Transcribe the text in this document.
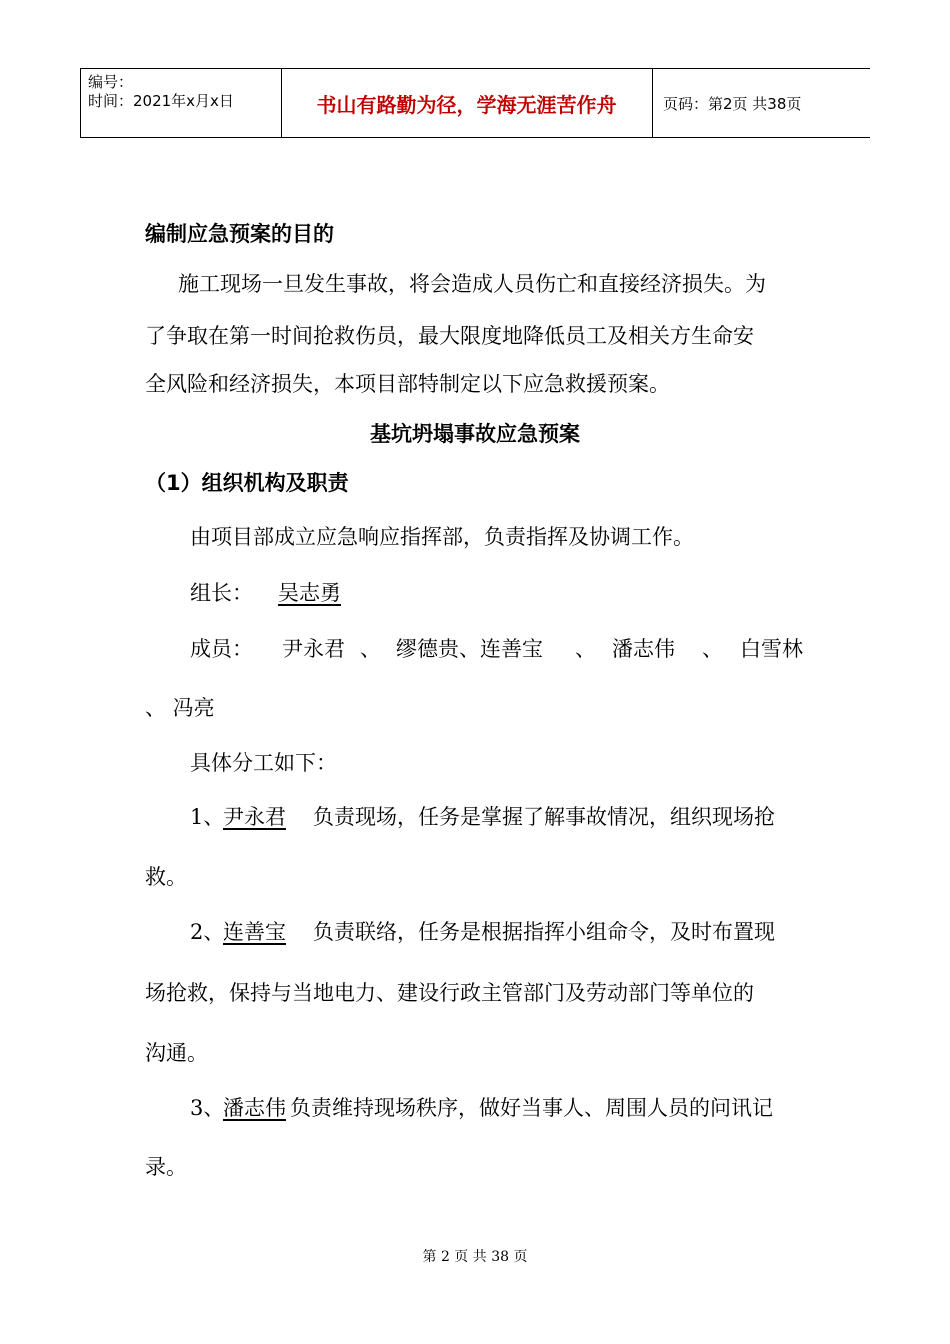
编号：
时间：2021年x月x日	书山有路勤为径，学海无涯苦作舟	页码：第2页 共38页
编制应急预案的目的
施工现场一旦发生事故，将会造成人员伤亡和直接经济损失。为
了争取在第一时间抢救伤员，最大限度地降低员工及相关方生命安
全风险和经济损失，本项目部特制定以下应急救援预案。
基坑坍塌事故应急预案
（1）组织机构及职责
由项目部成立应急响应指挥部，负责指挥及协调工作。
组长： 吴志勇
成员： 尹永君 、 缪德贵、连善宝 、 潘志伟 、 白雪林
、 冯亮
具体分工如下：
1、
尹永君 负责现场，任务是掌握了解事故情况，组织现场抢
救。
2、
连善宝 负责联络，任务是根据指挥小组命令，及时布置现
场抢救，保持与当地电力、建设行政主管部门及劳动部门等单位的
沟通。
3、
潘志伟 负责维持现场秩序，做好当事人、周围人员的问讯记
录。
第 2 页 共 38 页
